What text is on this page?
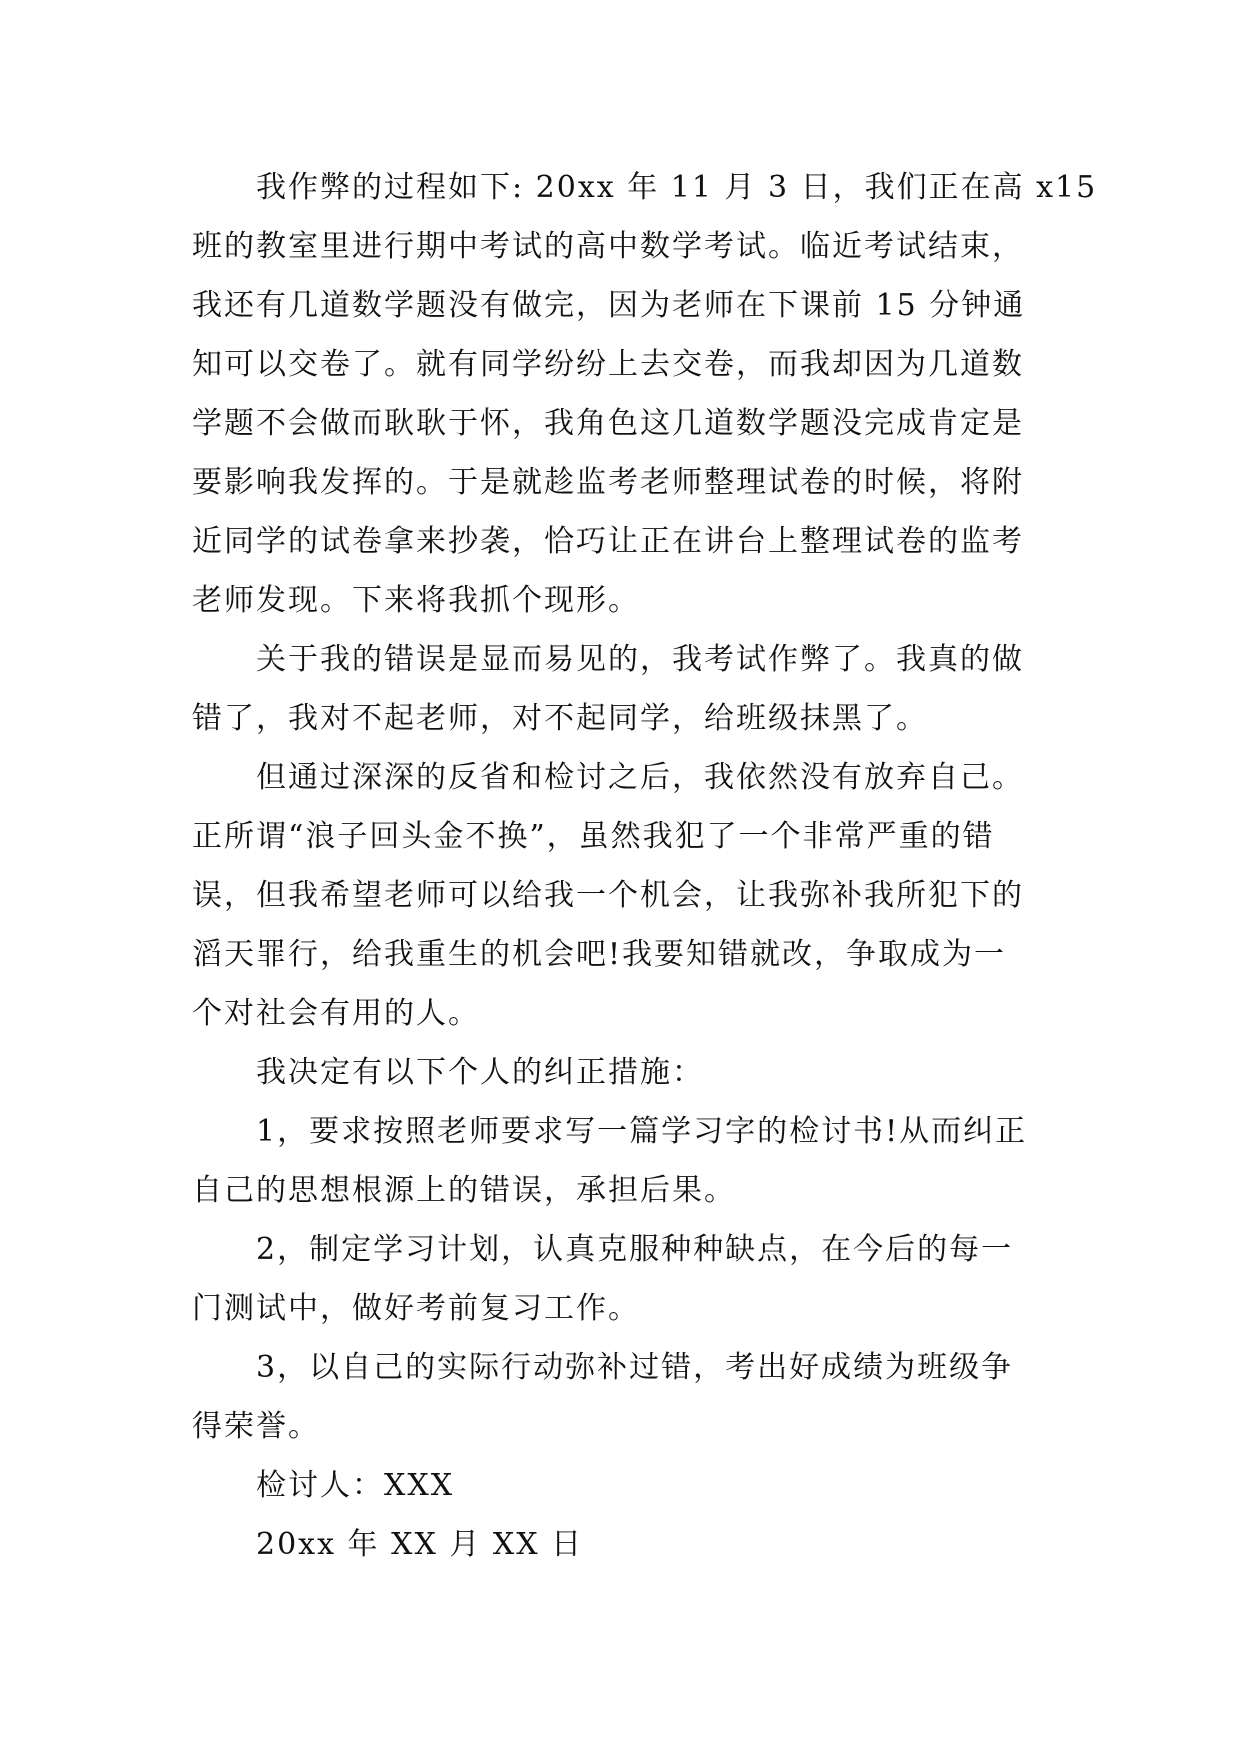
我作弊的过程如下: 20xx 年 11 月 3 日，我们正在高 x15
班的教室里进行期中考试的高中数学考试。临近考试结束，
我还有几道数学题没有做完，因为老师在下课前 15 分钟通
知可以交卷了。就有同学纷纷上去交卷，而我却因为几道数
学题不会做而耿耿于怀，我角色这几道数学题没完成肯定是
要影响我发挥的。于是就趁监考老师整理试卷的时候，将附
近同学的试卷拿来抄袭，恰巧让正在讲台上整理试卷的监考
老师发现。下来将我抓个现形。
关于我的错误是显而易见的，我考试作弊了。我真的做
错了，我对不起老师，对不起同学，给班级抹黑了。
但通过深深的反省和检讨之后，我依然没有放弃自己。
正所谓“浪子回头金不换”，虽然我犯了一个非常严重的错
误，但我希望老师可以给我一个机会，让我弥补我所犯下的
滔天罪行，给我重生的机会吧!我要知错就改，争取成为一
个对社会有用的人。
我决定有以下个人的纠正措施：
1，要求按照老师要求写一篇学习字的检讨书!从而纠正
自己的思想根源上的错误，承担后果。
2，制定学习计划，认真克服种种缺点，在今后的每一
门测试中，做好考前复习工作。
3，以自己的实际行动弥补过错，考出好成绩为班级争
得荣誉。
检讨人：XXX
20xx 年 XX 月 XX 日
